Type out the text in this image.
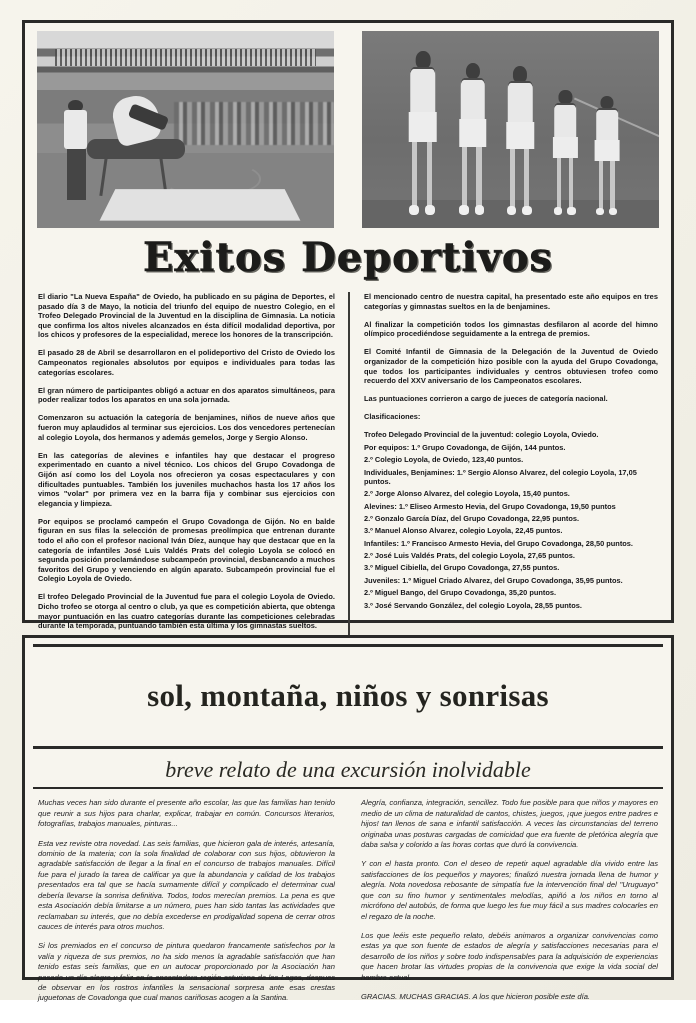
Exitos Deportivos

El diario "La Nueva España" de Oviedo, ha publicado en su página de Deportes, el pasado día 3 de Mayo, la noticia del triunfo del equipo de nuestro Colegio, en el Trofeo Delegado Provincial de la Juventud en la disciplina de Gimnasia. La noticia que confirma los altos niveles alcanzados en ésta difícil modalidad deportiva, por los chicos y profesores de la especialidad, merece los honores de la transcripción.

El pasado 28 de Abril se desarrollaron en el polideportivo del Cristo de Oviedo los Campeonatos regionales absolutos por equipos e individuales para todas las categorías escolares.

El gran número de participantes obligó a actuar en dos aparatos simultáneos, para poder realizar todos los aparatos en una sola jornada.

Comenzaron su actuación la categoría de benjamines, niños de nueve años que fueron muy aplaudidos al terminar sus ejercicios. Los dos vencedores pertenecían al colegio Loyola, dos hermanos y además gemelos, Jorge y Sergio Alonso.

En las categorías de alevines e infantiles hay que destacar el progreso experimentado en cuanto a nivel técnico. Los chicos del Grupo Covadonga de Gijón así como los del Loyola nos ofrecieron ya cosas espectaculares y con dificultades puntuables. También los juveniles muchachos hasta los 17 años los vimos "volar" por primera vez en la barra fija y combinar sus ejercicios con elegancia y limpieza.

Por equipos se proclamó campeón el Grupo Covadonga de Gijón. No en balde figuran en sus filas la selección de promesas preolímpica que entrenan durante todo el año con el profesor nacional Iván Díez, aunque hay que destacar que en la categoría de infantiles José Luis Valdés Prats del colegio Loyola se colocó en segunda posición proclamándose subcampeón provincial, desbancando a muchos favoritos del Grupo y venciendo en algún aparato. Subcampeón provincial fue el Colegio Loyola de Oviedo.

El trofeo Delegado Provincial de la Juventud fue para el colegio Loyola de Oviedo. Dicho trofeo se otorga al centro o club, ya que es competición abierta, que obtenga mayor puntuación en las cuatro categorías durante las competiciones celebradas durante la temporada, puntuando también esta última y los gimnastas sueltos.

El mencionado centro de nuestra capital, ha presentado este año equipos en tres categorías y gimnastas sueltos en la de benjamines.

Al finalizar la competición todos los gimnastas desfilaron al acorde del himno olímpico procediéndose seguidamente a la entrega de premios.

El Comité Infantil de Gimnasia de la Delegación de la Juventud de Oviedo organizador de la competición hizo posible con la ayuda del Grupo Covadonga, que todos los participantes individuales y centros obtuviesen trofeo como recuerdo del XXV aniversario de los Campeonatos escolares.

Las puntuaciones corrieron a cargo de jueces de categoría nacional.

Clasificaciones:

Trofeo Delegado Provincial de la juventud: colegio Loyola, Oviedo.

Por equipos: 1.º Grupo Covadonga, de Gijón, 144 puntos.

2.º Colegio Loyola, de Oviedo, 123,40 puntos.

Individuales, Benjamines: 1.º Sergio Alonso Alvarez, del colegio Loyola, 17,05 puntos.

2.º Jorge Alonso Alvarez, del colegio Loyola, 15,40 puntos.

Alevines: 1.º Eliseo Armesto Hevia, del Grupo Covadonga, 19,50 puntos

2.º Gonzalo García Díaz, del Grupo Covadonga, 22,95 puntos.

3.º Manuel Alonso Alvarez, colegio Loyola, 22,45 puntos.

Infantiles: 1.º Francisco Armesto Hevia, del Grupo Covadonga, 28,50 puntos.

2.º José Luis Valdés Prats, del colegio Loyola, 27,65 puntos.

3.º Miguel Cibiella, del Grupo Covadonga, 27,55 puntos.

Juveniles: 1.º Miguel Criado Alvarez, del Grupo Covadonga, 35,95 puntos.

2.º Miguel Bango, del Grupo Covadonga, 35,20 puntos.

3.º José Servando González, del colegio Loyola, 28,55 puntos.

sol, montaña, niños y sonrisas
breve relato de una excursión inolvidable

Muchas veces han sido durante el presente año escolar, las que las familias han tenido que reunir a sus hijos para charlar, explicar, trabajar en común. Concursos literarios, fotografías, trabajos manuales, pinturas...

Esta vez reviste otra novedad. Las seis familias, que hicieron gala de interés, artesanía, dominio de la materia; con la sola finalidad de colaborar con sus hijos, obtuvieron la agradable satisfacción de llegar a la final en el concurso de trabajos manuales. Difícil fue para el jurado la tarea de calificar ya que la abundancia y calidad de los trabajos presentados era tal que se hacía sumamente difícil y complicado el determinar cual debería llevarse la sonrisa definitiva. Todos, todos merecían premios. La pena es que esta Asociación debía limitarse a un número, pues han sido tantas las actividades que reclamaban su interés, que no debía excederse en prodigalidad sopena de cerrar otros cauces de interés para otros muchos.

Si los premiados en el concurso de pintura quedaron francamente satisfechos por la valía y riqueza de sus premios, no ha sido menos la agradable satisfacción que han tenido estas seis familias, que en un autocar proporcionado por la Asociación han pasado un día alegre y feliz en la encantadora región asturiana de los Lagos, despues de observar en los rostros infantiles la sensacional sorpresa ante esas crestas juguetonas de Covadonga que cual manos cariñosas acogen a la Santina.

Alegría, confianza, integración, sencillez. Todo fue posible para que niños y mayores en medio de un clima de naturalidad de cantos, chistes, juegos, ¡que juegos entre padres e hijos! tan llenos de sana e infantil satisfacción. A veces las circunstancias del terreno originaba unas posturas cargadas de comicidad que era fuente de pletórica alegría que daba salsa y colorido a las horas cortas que duró la convivencia.

Y con el hasta pronto. Con el deseo de repetir aquel agradable día vivido entre las satisfacciones de los pequeños y mayores; finalizó nuestra jornada llena de humor y alegría. Nota novedosa rebosante de simpatía fue la intervención final del "Uruguayo" que con su fino humor y sentimentales melodías, apiñó a los niños en torno al micrófono del autobús, de forma que luego les fue muy fácil a sus madres colocarles en el regazo de la noche.

Los que leéis este pequeño relato, debéis animaros a organizar convivencias como estas ya que son fuente de estados de alegría y satisfacciones necesarias para el desarrollo de los niños y sobre todo indispensables para la adquisición de experiencias que hacen brotar las virtudes propias de la convivencia que exige la vida social del hombre actual.

GRACIAS. MUCHAS GRACIAS. A los que hicieron posible este día.
